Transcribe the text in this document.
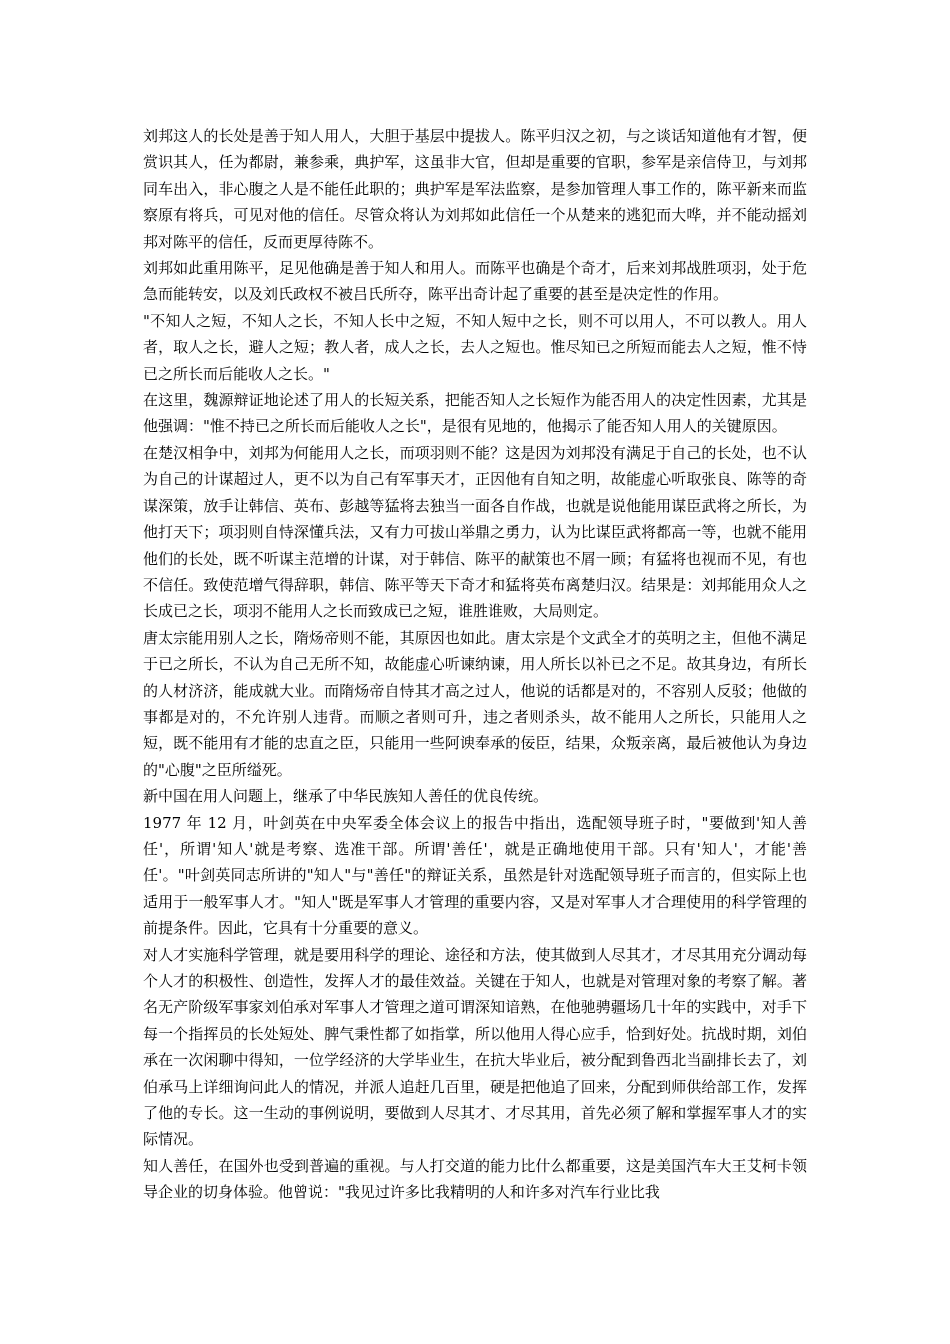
刘邦这人的长处是善于知人用人，大胆于基层中提拔人。陈平归汉之初，与之谈话知道他有才智，便赏识其人，任为都尉，兼参乘，典护军，这虽非大官，但却是重要的官职，参军是亲信侍卫，与刘邦同车出入，非心腹之人是不能任此职的；典护军是军法监察，是参加管理人事工作的，陈平新来而监察原有将兵，可见对他的信任。尽管众将认为刘邦如此信任一个从楚来的逃犯而大哗，并不能动摇刘邦对陈平的信任，反而更厚待陈不。

刘邦如此重用陈平，足见他确是善于知人和用人。而陈平也确是个奇才，后来刘邦战胜项羽，处于危急而能转安，以及刘氏政权不被吕氏所夺，陈平出奇计起了重要的甚至是决定性的作用。

"不知人之短，不知人之长，不知人长中之短，不知人短中之长，则不可以用人，不可以教人。用人者，取人之长，避人之短；教人者，成人之长，去人之短也。惟尽知已之所短而能去人之短，惟不恃已之所长而后能收人之长。"

在这里，魏源辩证地论述了用人的长短关系，把能否知人之长短作为能否用人的决定性因素，尤其是他强调："惟不持已之所长而后能收人之长"，是很有见地的，他揭示了能否知人用人的关键原因。

在楚汉相争中，刘邦为何能用人之长，而项羽则不能？这是因为刘邦没有满足于自己的长处，也不认为自己的计谋超过人，更不以为自己有军事天才，正因他有自知之明，故能虚心听取张良、陈等的奇谋深策，放手让韩信、英布、彭越等猛将去独当一面各自作战，也就是说他能用谋臣武将之所长，为他打天下；项羽则自恃深懂兵法，又有力可拔山举鼎之勇力，认为比谋臣武将都高一等，也就不能用他们的长处，既不听谋主范增的计谋，对于韩信、陈平的献策也不屑一顾；有猛将也视而不见，有也不信任。致使范增气得辞职，韩信、陈平等天下奇才和猛将英布离楚归汉。结果是：刘邦能用众人之长成已之长，项羽不能用人之长而致成已之短，谁胜谁败，大局则定。

唐太宗能用别人之长，隋炀帝则不能，其原因也如此。唐太宗是个文武全才的英明之主，但他不满足于已之所长，不认为自己无所不知，故能虚心听谏纳谏，用人所长以补已之不足。故其身边，有所长的人材济济，能成就大业。而隋炀帝自恃其才高之过人，他说的话都是对的，不容别人反驳；他做的事都是对的，不允许别人违背。而顺之者则可升，违之者则杀头，故不能用人之所长，只能用人之短，既不能用有才能的忠直之臣，只能用一些阿谀奉承的佞臣，结果，众叛亲离，最后被他认为身边的"心腹"之臣所缢死。

新中国在用人问题上，继承了中华民族知人善任的优良传统。

1977 年 12 月，叶剑英在中央军委全体会议上的报告中指出，选配领导班子时，"要做到'知人善任'，所谓'知人'就是考察、选准干部。所谓'善任'，就是正确地使用干部。只有'知人'，才能'善任'。"叶剑英同志所讲的"知人"与"善任"的辩证关系，虽然是针对选配领导班子而言的，但实际上也适用于一般军事人才。"知人"既是军事人才管理的重要内容，又是对军事人才合理使用的科学管理的前提条件。因此，它具有十分重要的意义。

对人才实施科学管理，就是要用科学的理论、途径和方法，使其做到人尽其才，才尽其用充分调动每个人才的积极性、创造性，发挥人才的最佳效益。关键在于知人，也就是对管理对象的考察了解。著名无产阶级军事家刘伯承对军事人才管理之道可谓深知谙熟，在他驰骋疆场几十年的实践中，对手下每一个指挥员的长处短处、脾气秉性都了如指掌，所以他用人得心应手，恰到好处。抗战时期，刘伯承在一次闲聊中得知，一位学经济的大学毕业生，在抗大毕业后，被分配到鲁西北当副排长去了，刘伯承马上详细询问此人的情况，并派人追赶几百里，硬是把他追了回来，分配到师供给部工作，发挥了他的专长。这一生动的事例说明，要做到人尽其才、才尽其用，首先必须了解和掌握军事人才的实际情况。

知人善任，在国外也受到普遍的重视。与人打交道的能力比什么都重要，这是美国汽车大王艾柯卡领导企业的切身体验。他曾说："我见过许多比我精明的人和许多对汽车行业比我
